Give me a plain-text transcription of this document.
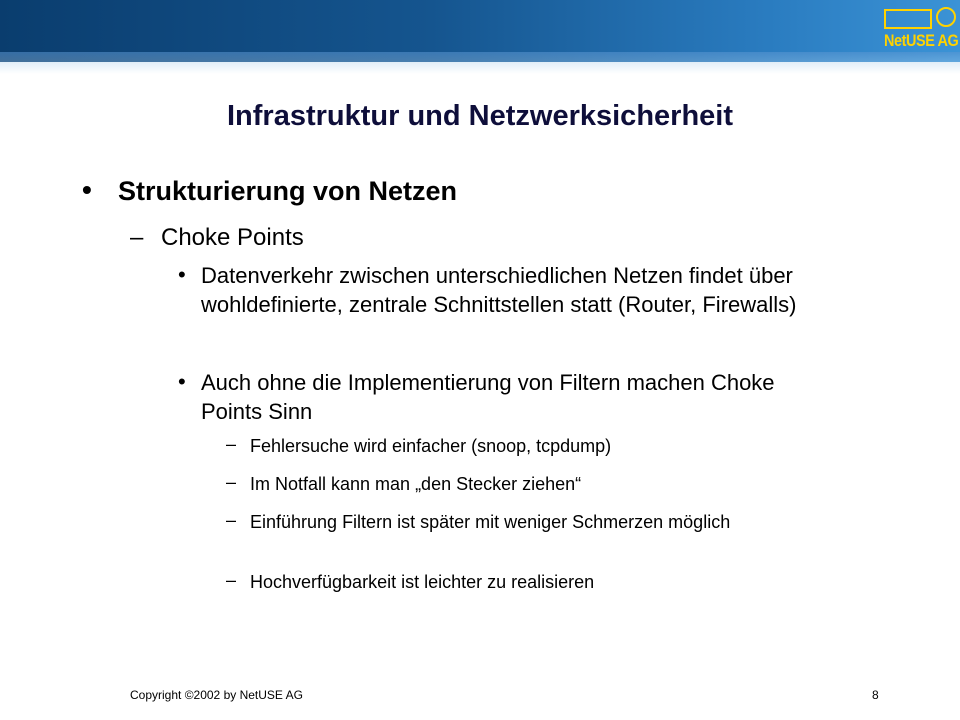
NetUSE AG
Infrastruktur und Netzwerksicherheit
• Strukturierung von Netzen
– Choke Points
• Datenverkehr zwischen unterschiedlichen Netzen findet über wohldefinierte, zentrale Schnittstellen statt (Router, Firewalls)
• Auch ohne die Implementierung von Filtern machen Choke Points Sinn
– Fehlersuche wird einfacher (snoop, tcpdump)
– Im Notfall kann man „den Stecker ziehen“
– Einführung Filtern ist später mit weniger Schmerzen möglich
– Hochverfügbarkeit ist leichter zu realisieren
Copyright ©2002 by NetUSE AG	8
